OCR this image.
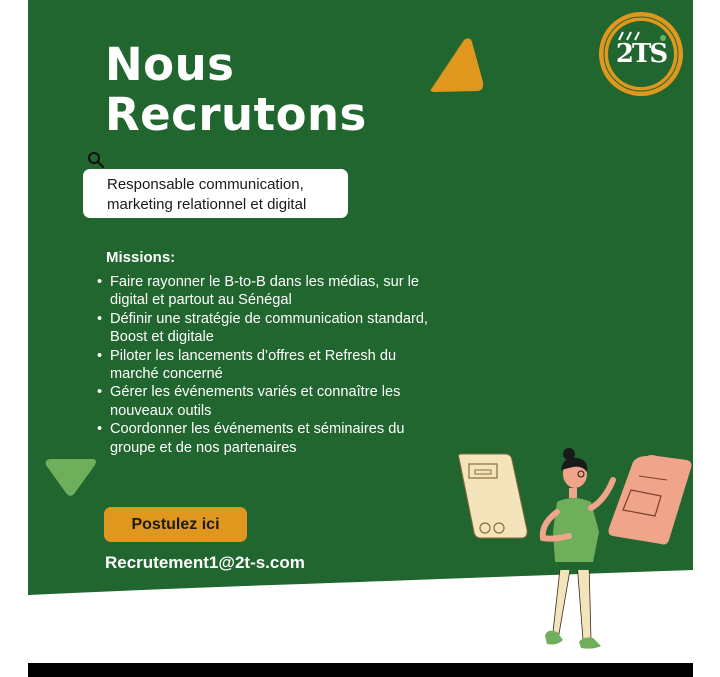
2TS
Nous
Recrutons
Responsable communication,
marketing relationnel et digital
Missions:
• Faire rayonner le B-to-B dans les médias, sur le
digital et partout au Sénégal
• Définir une stratégie de communication standard,
Boost et digitale
• Piloter les lancements d’offres et Refresh du
marché concerné
• Gérer les événements variés et connaître les
nouveaux outils
• Coordonner les événements et séminaires du
groupe et de nos partenaires
Postulez ici
Recrutement1@2t-s.com
